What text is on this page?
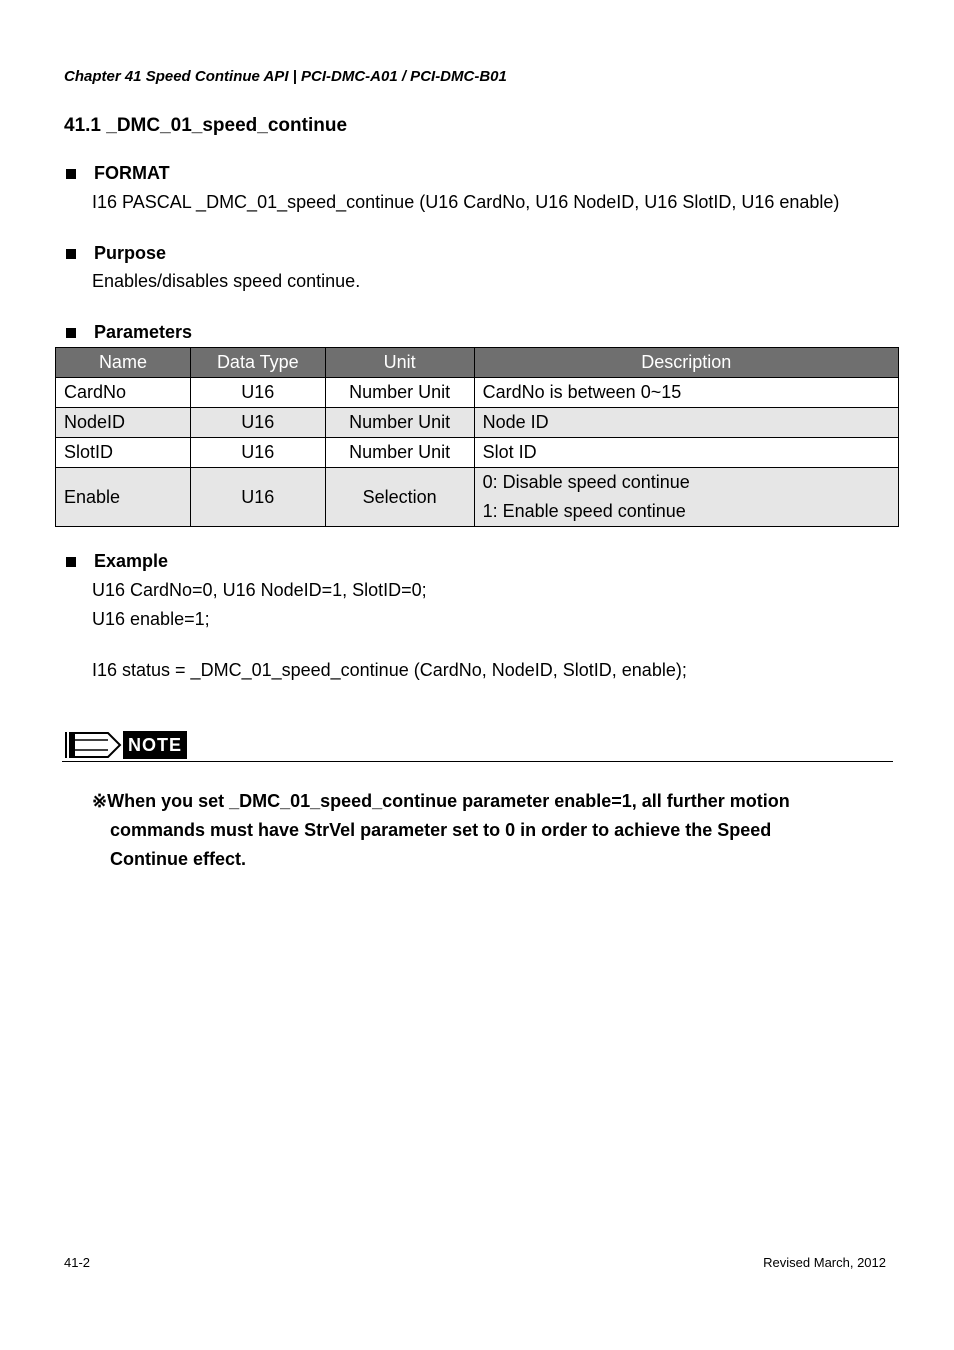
Chapter 41 Speed Continue API | PCI-DMC-A01 / PCI-DMC-B01
41.1 _DMC_01_speed_continue
FORMAT
I16 PASCAL _DMC_01_speed_continue (U16 CardNo, U16 NodeID, U16 SlotID, U16 enable)
Purpose
Enables/disables speed continue.
Parameters
Name	Data Type	Unit	Description
CardNo	U16	Number Unit	CardNo is between 0~15
NodeID	U16	Number Unit	Node ID
SlotID	U16	Number Unit	Slot ID
Enable	U16	Selection	0: Disable speed continue
1: Enable speed continue
Example
U16 CardNo=0, U16 NodeID=1, SlotID=0;
U16 enable=1;
I16 status = _DMC_01_speed_continue (CardNo, NodeID, SlotID, enable);
NOTE
※When you set _DMC_01_speed_continue parameter enable=1, all further motion
commands must have StrVel parameter set to 0 in order to achieve the Speed
Continue effect.
41-2	Revised March, 2012
